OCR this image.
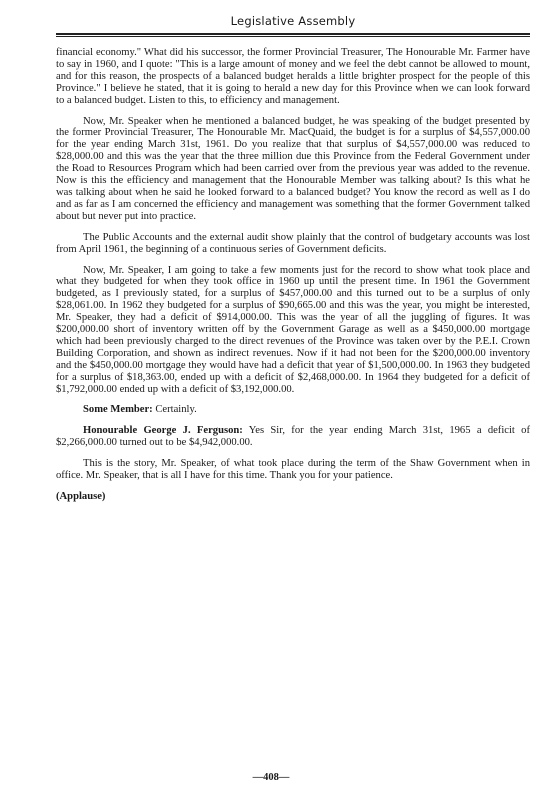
Legislative Assembly

financial economy." What did his successor, the former Provincial Treasurer, The Honourable Mr. Farmer have to say in 1960, and I quote: "This is a large amount of money and we feel the debt cannot be allowed to mount, and for this reason, the prospects of a balanced budget heralds a little brighter prospect for the people of this Province." I believe he stated, that it is going to herald a new day for this Province when we can look forward to a balanced budget. Listen to this, to efficiency and management.

Now, Mr. Speaker when he mentioned a balanced budget, he was speaking of the budget presented by the former Provincial Treasurer, The Honourable Mr. MacQuaid, the budget is for a surplus of $4,557,000.00 for the year ending March 31st, 1961. Do you realize that that surplus of $4,557,000.00 was reduced to $28,000.00 and this was the year that the three million due this Province from the Federal Government under the Road to Resources Program which had been carried over from the previous year was added to the revenue. Now is this the efficiency and management that the Honourable Member was talking about? Is this what he was talking about when he said he looked forward to a balanced budget? You know the record as well as I do and as far as I am concerned the efficiency and management was something that the former Government talked about but never put into practice.

The Public Accounts and the external audit show plainly that the control of budgetary accounts was lost from April 1961, the beginning of a continuous series of Government deficits.

Now, Mr. Speaker, I am going to take a few moments just for the record to show what took place and what they budgeted for when they took office in 1960 up until the present time. In 1961 the Government budgeted, as I previously stated, for a surplus of $457,000.00 and this turned out to be a surplus of only $28,061.00. In 1962 they budgeted for a surplus of $90,665.00 and this was the year, you might be interested, Mr. Speaker, they had a deficit of $914,000.00. This was the year of all the juggling of figures. It was $200,000.00 short of inventory written off by the Government Garage as well as a $450,000.00 mortgage which had been previously charged to the direct revenues of the Province was taken over by the P.E.I. Crown Building Corporation, and shown as indirect revenues. Now if it had not been for the $200,000.00 inventory and the $450,000.00 mortgage they would have had a deficit that year of $1,500,000.00. In 1963 they budgeted for a surplus of $18,363.00, ended up with a deficit of $2,468,000.00. In 1964 they budgeted for a deficit of $1,792,000.00 ended up with a deficit of $3,192,000.00.

Some Member: Certainly.

Honourable George J. Ferguson: Yes Sir, for the year ending March 31st, 1965 a deficit of $2,266,000.00 turned out to be $4,942,000.00.

This is the story, Mr. Speaker, of what took place during the term of the Shaw Government when in office. Mr. Speaker, that is all I have for this time. Thank you for your patience.

(Applause)

—408—
